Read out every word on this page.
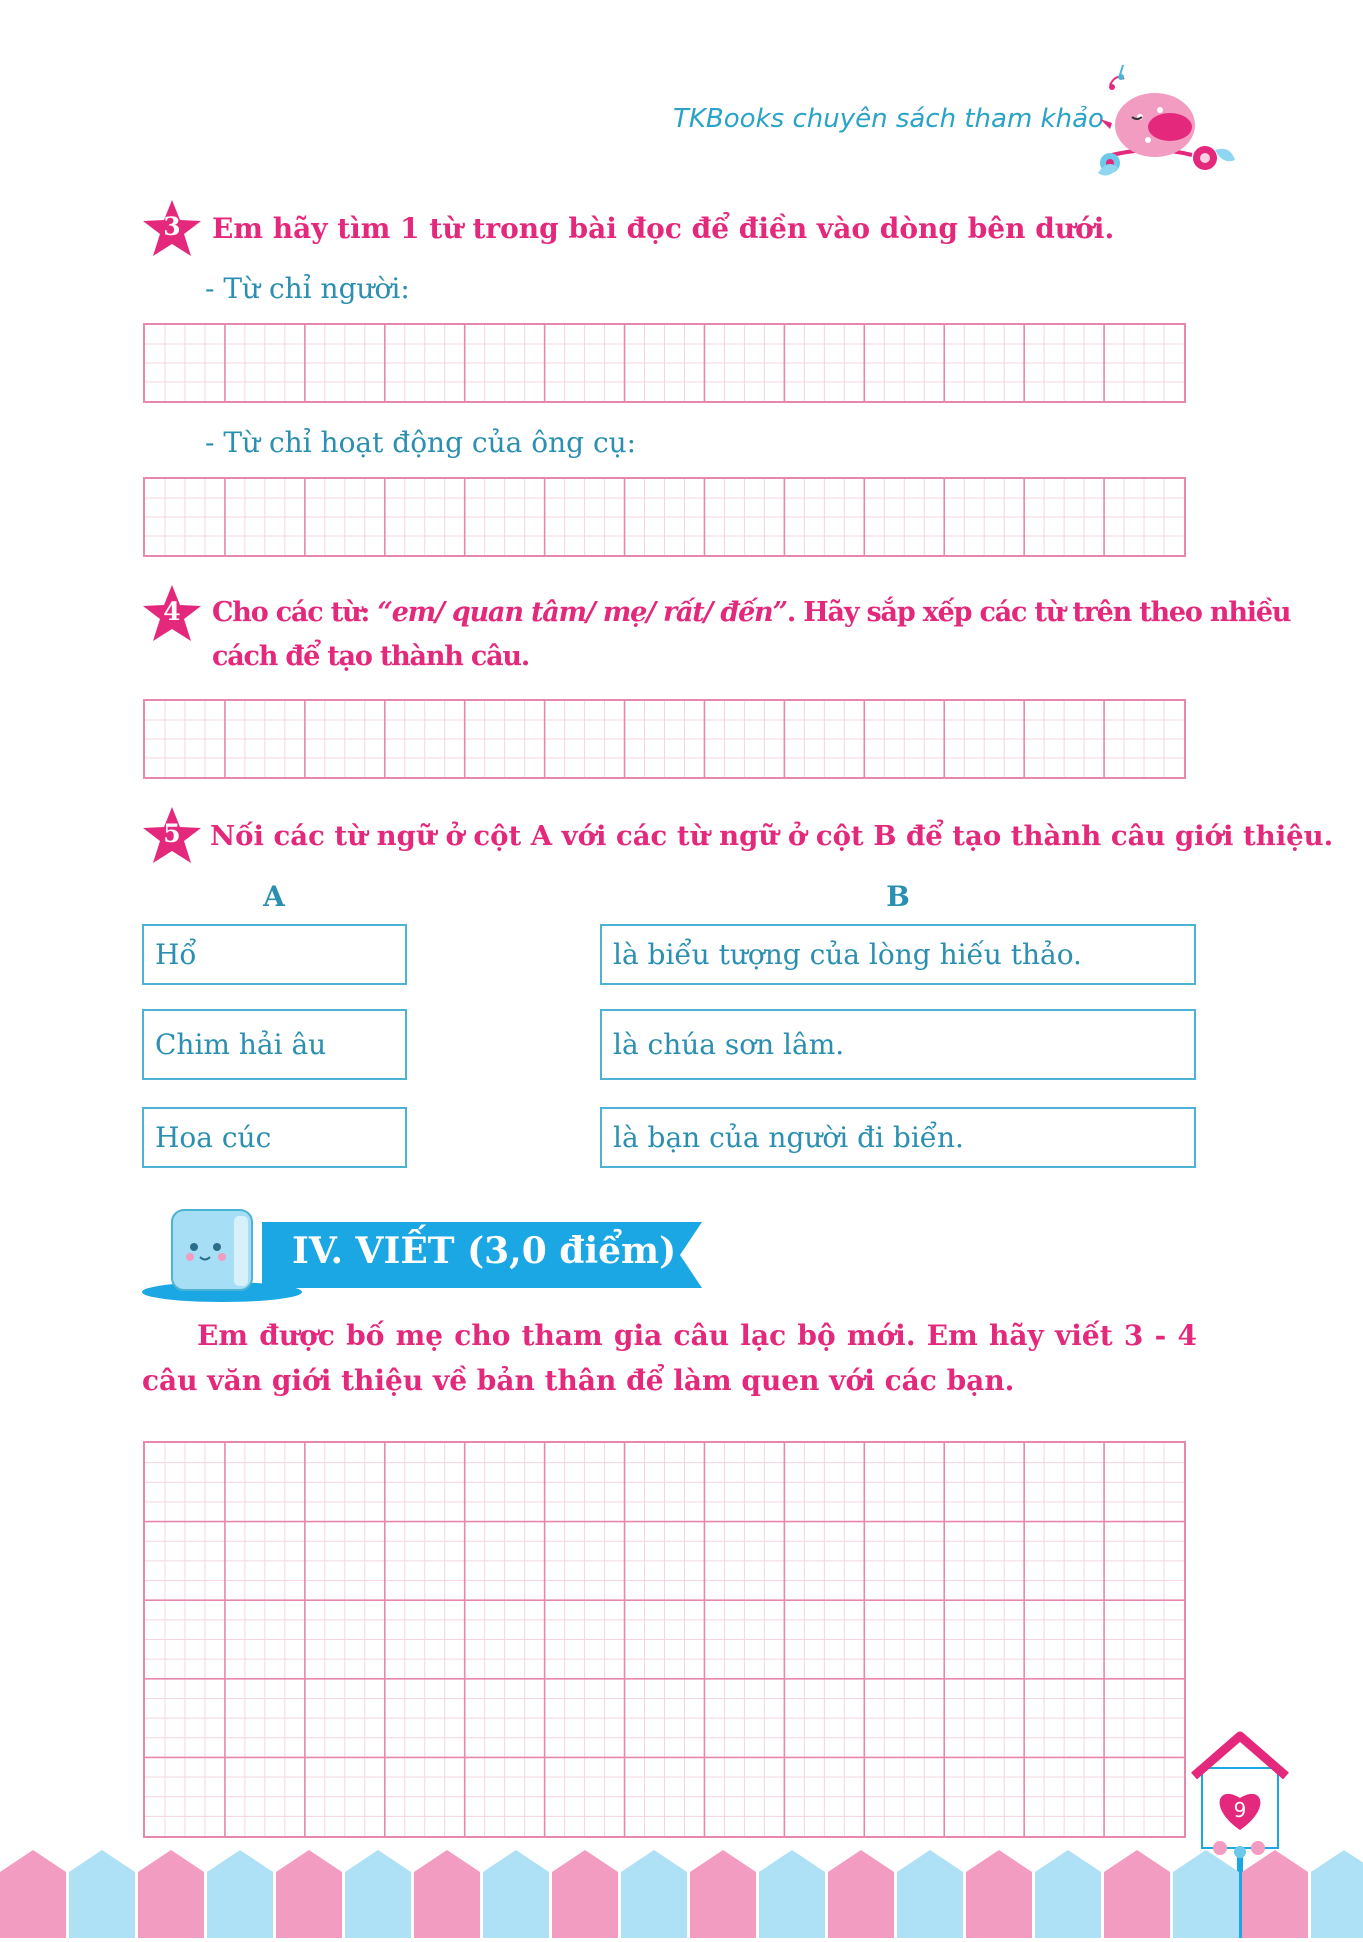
TKBooks chuyên sách tham khảo
3	Em hãy tìm 1 từ trong bài đọc để điền vào dòng bên dưới.
- Từ chỉ người:
- Từ chỉ hoạt động của ông cụ:
4	Cho các từ: “em/ quan tâm/ mẹ/ rất/ đến”. Hãy sắp xếp các từ trên theo nhiều
cách để tạo thành câu.
5	Nối các từ ngữ ở cột A với các từ ngữ ở cột B để tạo thành câu giới thiệu.
A	B
Hổ
Chim hải âu
Hoa cúc
là biểu tượng của lòng hiếu thảo.
là chúa sơn lâm.
là bạn của người đi biển.
IV. VIẾT (3,0 điểm)
Em được bố mẹ cho tham gia câu lạc bộ mới. Em hãy viết 3 - 4 câu văn giới thiệu về bản thân để làm quen với các bạn.
9
